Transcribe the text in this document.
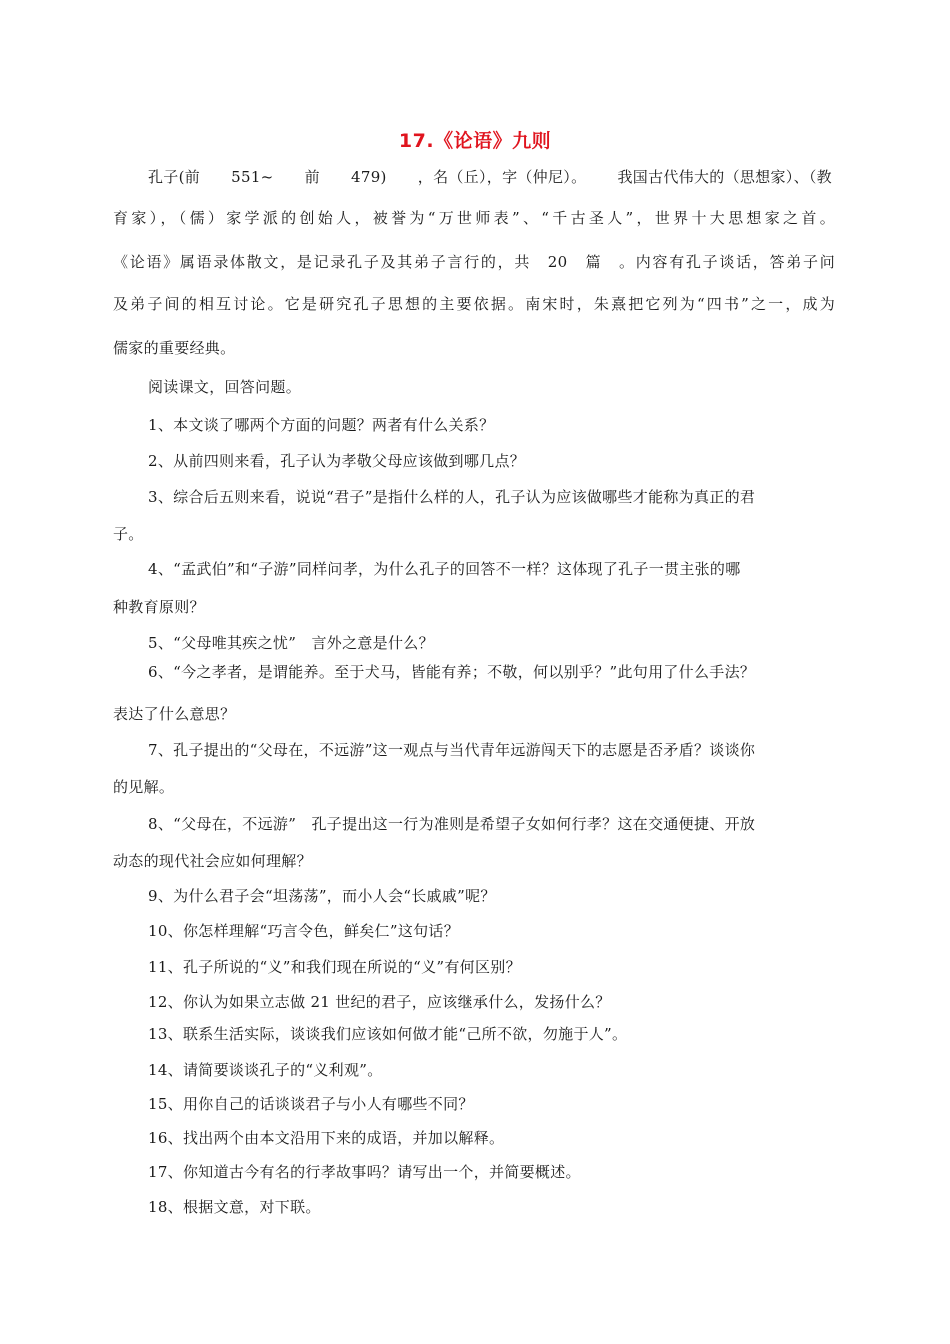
17.《论语》九则
孔子(前 551~ 前 479) ，名（丘），字（仲尼）。 我国古代伟大的（思想家）、（教
育家），（儒）家学派的创始人，被誉为“万世师表”、“千古圣人”，世界十大思想家之首。
《论语》属语录体散文，是记录孔子及其弟子言行的，共　20　篇　。内容有孔子谈话，答弟子问
及弟子间的相互讨论。它是研究孔子思想的主要依据。南宋时，朱熹把它列为“四书”之一，成为
儒家的重要经典。
阅读课文，回答问题。
1、本文谈了哪两个方面的问题？两者有什么关系？
2、从前四则来看，孔子认为孝敬父母应该做到哪几点？
3、综合后五则来看，说说“君子”是指什么样的人，孔子认为应该做哪些才能称为真正的君
子。
4、“孟武伯”和“子游”同样问孝，为什么孔子的回答不一样？这体现了孔子一贯主张的哪
种教育原则？
5、“父母唯其疾之忧”　言外之意是什么？
6、“今之孝者，是谓能养。至于犬马，皆能有养；不敬，何以别乎？”此句用了什么手法？
表达了什么意思？
7、孔子提出的“父母在，不远游”这一观点与当代青年远游闯天下的志愿是否矛盾？谈谈你
的见解。
8、“父母在，不远游”　孔子提出这一行为准则是希望子女如何行孝？这在交通便捷、开放
动态的现代社会应如何理解？
9、为什么君子会“坦荡荡”，而小人会“长戚戚”呢？
10、你怎样理解“巧言令色，鲜矣仁”这句话？
11、孔子所说的“义”和我们现在所说的“义”有何区别？
12、你认为如果立志做 21 世纪的君子，应该继承什么，发扬什么？
13、联系生活实际，谈谈我们应该如何做才能“己所不欲，勿施于人”。
14、请简要谈谈孔子的“义利观”。
15、用你自己的话谈谈君子与小人有哪些不同？
16、找出两个由本文沿用下来的成语，并加以解释。
17、你知道古今有名的行孝故事吗？请写出一个，并简要概述。
18、根据文意，对下联。
